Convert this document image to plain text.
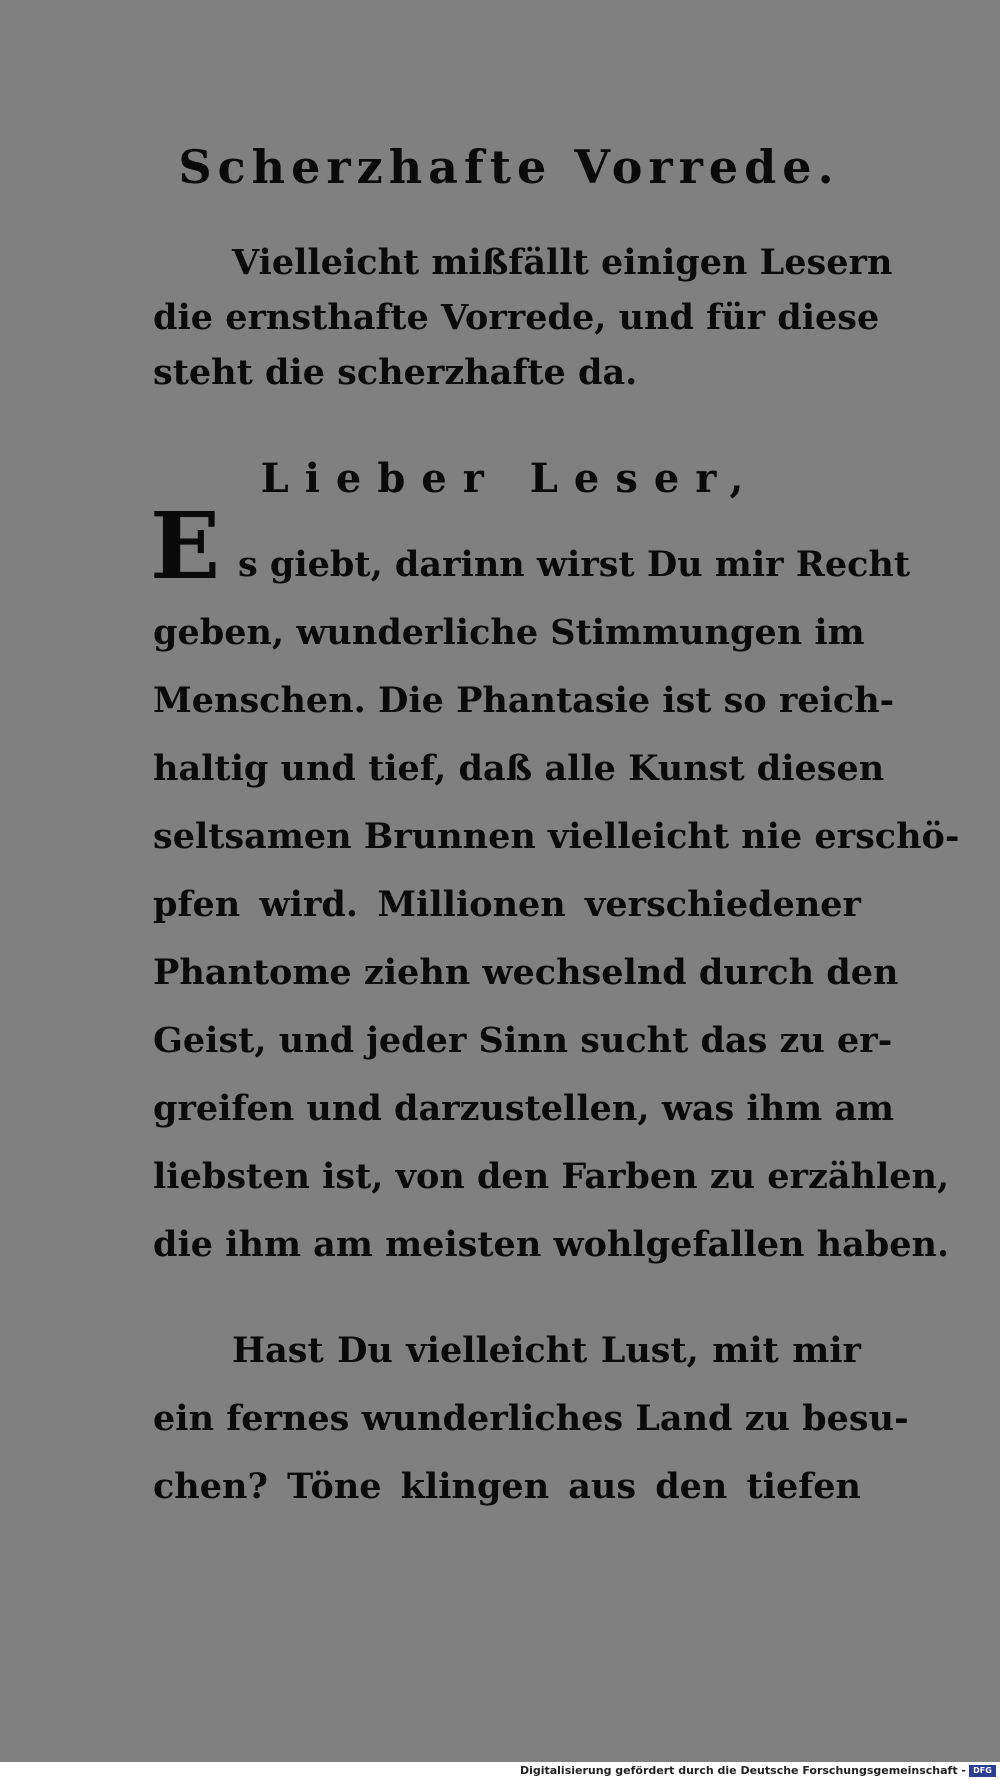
Scherzhafte Vorrede.
Vielleicht mißfällt einigen Lesern
die ernsthafte Vorrede, und für diese
steht die scherzhafte da.
Lieber Leser,
E s giebt, darinn wirst Du mir Recht
geben, wunderliche Stimmungen im
Menschen. Die Phantasie ist so reich-
haltig und tief, daß alle Kunst diesen
seltsamen Brunnen vielleicht nie erschö-
pfen wird. Millionen verschiedener
Phantome ziehn wechselnd durch den
Geist, und jeder Sinn sucht das zu er-
greifen und darzustellen, was ihm am
liebsten ist, von den Farben zu erzählen,
die ihm am meisten wohlgefallen haben.
Hast Du vielleicht Lust, mit mir
ein fernes wunderliches Land zu besu-
chen? Töne klingen aus den tiefen
Digitalisierung gefördert durch die Deutsche Forschungsgemeinschaft - DFG
